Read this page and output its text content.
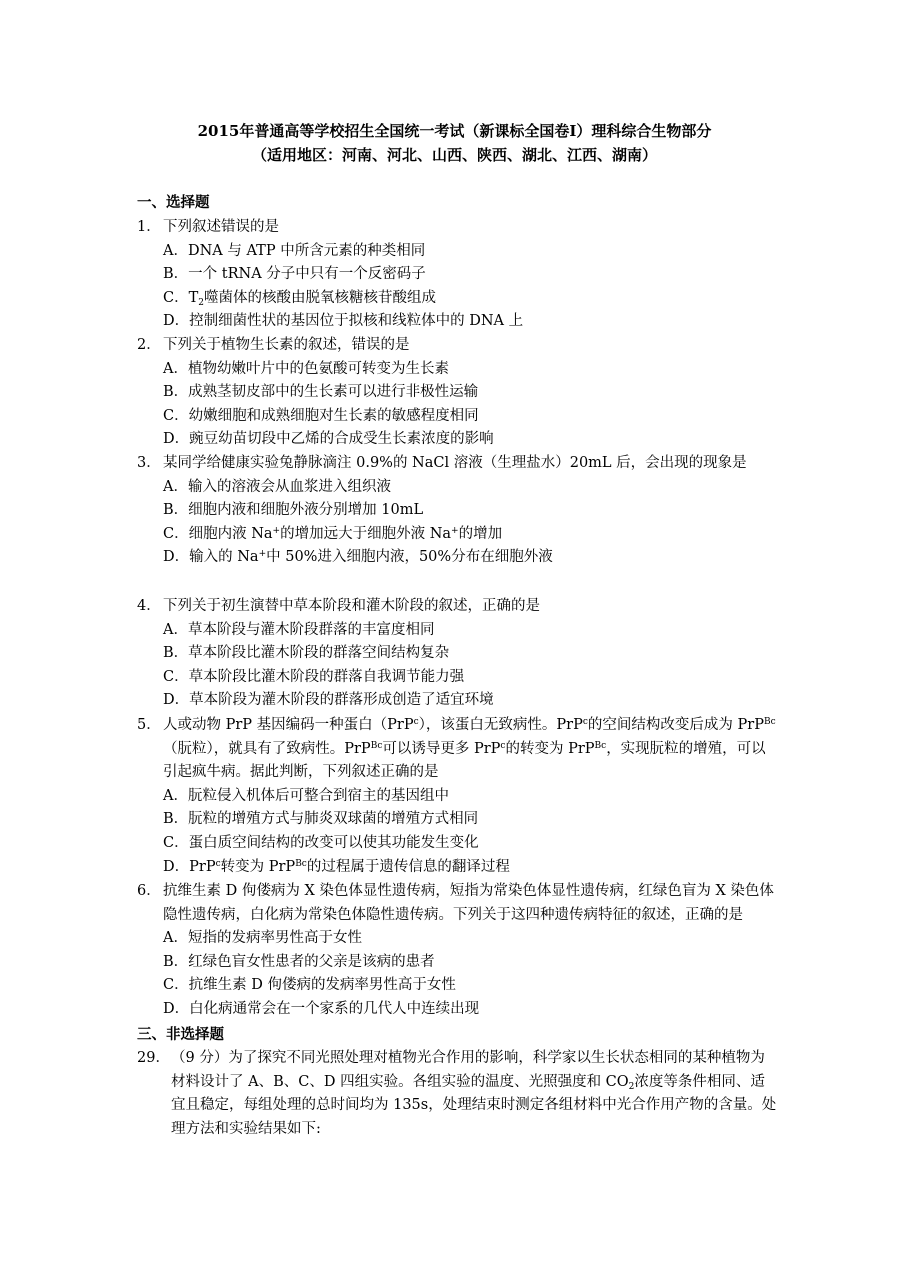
2015年普通高等学校招生全国统一考试（新课标全国卷Ⅰ）理科综合生物部分
（适用地区：河南、河北、山西、陕西、湖北、江西、湖南）
一、选择题
1． 下列叙述错误的是
A．DNA 与 ATP 中所含元素的种类相同
B．一个 tRNA 分子中只有一个反密码子
C．$T_2$噬菌体的核酸由脱氧核糖核苷酸组成
D．控制细菌性状的基因位于拟核和线粒体中的 DNA 上
2． 下列关于植物生长素的叙述，错误的是
A．植物幼嫩叶片中的色氨酸可转变为生长素
B．成熟茎韧皮部中的生长素可以进行非极性运输
C．幼嫩细胞和成熟细胞对生长素的敏感程度相同
D．豌豆幼苗切段中乙烯的合成受生长素浓度的影响
3． 某同学给健康实验兔静脉滴注 0.9%的 NaCl 溶液（生理盐水）20mL 后，会出现的现象是
A．输入的溶液会从血浆进入组织液
B．细胞内液和细胞外液分别增加 10mL
C．细胞内液 Na+的增加远大于细胞外液 Na+的增加
D．输入的 Na+中 50%进入细胞内液，50%分布在细胞外液
4． 下列关于初生演替中草本阶段和灌木阶段的叙述，正确的是
A．草本阶段与灌木阶段群落的丰富度相同
B．草本阶段比灌木阶段的群落空间结构复杂
C．草本阶段比灌木阶段的群落自我调节能力强
D．草本阶段为灌木阶段的群落形成创造了适宜环境
5． 人或动物 PrP 基因编码一种蛋白（PrP$^c$），该蛋白无致病性。PrP$^c$的空间结构改变后成为 PrP$^{Bc}$（朊粒），就具有了致病性。PrP$^{Bc}$可以诱导更多 PrP$^c$的转变为 PrP$^{Bc}$，实现朊粒的增殖，可以引起疯牛病。据此判断，下列叙述正确的是
A．朊粒侵入机体后可整合到宿主的基因组中
B．朊粒的增殖方式与肺炎双球菌的增殖方式相同
C．蛋白质空间结构的改变可以使其功能发生变化
D．PrP$^c$转变为 PrP$^{Bc}$的过程属于遗传信息的翻译过程
6． 抗维生素 D 佝偻病为 X 染色体显性遗传病，短指为常染色体显性遗传病，红绿色盲为 X 染色体隐性遗传病，白化病为常染色体隐性遗传病。下列关于这四种遗传病特征的叙述，正确的是
A．短指的发病率男性高于女性
B．红绿色盲女性患者的父亲是该病的患者
C．抗维生素 D 佝偻病的发病率男性高于女性
D．白化病通常会在一个家系的几代人中连续出现
三、非选择题
29．（9 分）为了探究不同光照处理对植物光合作用的影响，科学家以生长状态相同的某种植物为材料设计了 A、B、C、D 四组实验。各组实验的温度、光照强度和 $CO_2$浓度等条件相同、适宜且稳定，每组处理的总时间均为 135s，处理结束时测定各组材料中光合作用产物的含量。处理方法和实验结果如下:
